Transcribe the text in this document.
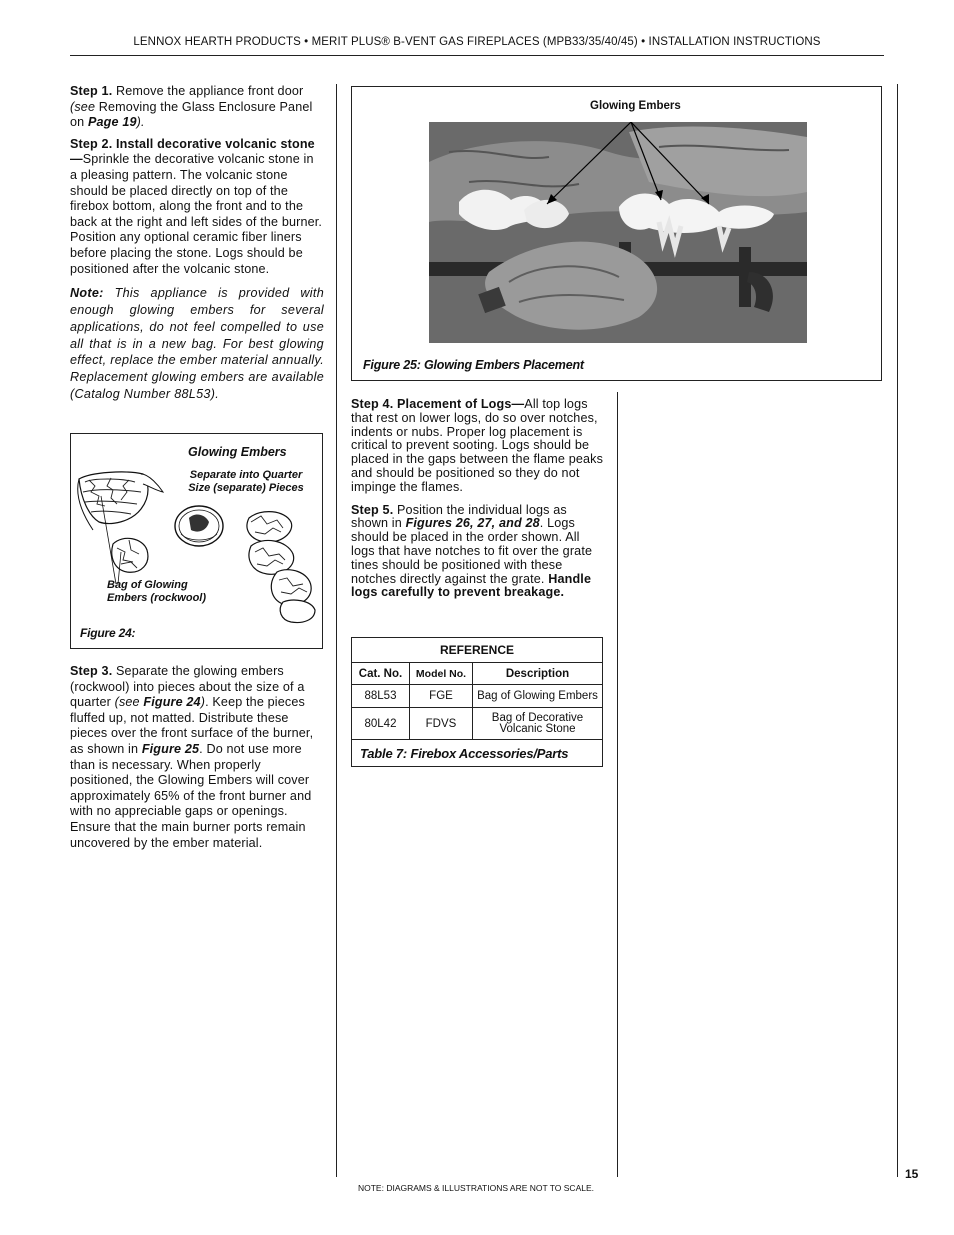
LENNOX HEARTH PRODUCTS • MERIT PLUS® B-VENT GAS FIREPLACES (MPB33/35/40/45) • INSTALLATION INSTRUCTIONS

Step 1. Remove the appliance front door (see Removing the Glass Enclosure Panel on Page 19).

Step 2. Install decorative volcanic stone—Sprinkle the decorative volcanic stone in a pleasing pattern. The volcanic stone should be placed directly on top of the firebox bottom, along the front and to the back at the right and left sides of the burner. Position any optional ceramic fiber liners before placing the stone. Logs should be positioned after the volcanic stone.

Note: This appliance is provided with enough glowing embers for several applications, do not feel compelled to use all that is in a new bag. For best glowing effect, replace the ember material annually. Replacement glowing embers are available (Catalog Number 88L53).

Glowing Embers
Separate into Quarter Size (separate) Pieces
Bag of Glowing Embers (rockwool)
Figure 24:

Step 3. Separate the glowing embers (rockwool) into pieces about the size of a quarter (see Figure 24). Keep the pieces fluffed up, not matted. Distribute these pieces over the front surface of the burner, as shown in Figure 25. Do not use more than is necessary. When properly positioned, the Glowing Embers will cover approximately 65% of the front burner and with no appreciable gaps or openings. Ensure that the main burner ports remain uncovered by the ember material.

Glowing Embers
Figure 25: Glowing Embers Placement

Step 4. Placement of Logs—All top logs that rest on lower logs, do so over notches, indents or nubs. Proper log placement is critical to prevent sooting. Logs should be placed in the gaps between the flame peaks and should be positioned so they do not impinge the flames.

Step 5. Position the individual logs as shown in Figures 26, 27, and 28. Logs should be placed in the order shown. All logs that have notches to fit over the grate tines should be positioned with these notches directly against the grate. Handle logs carefully to prevent breakage.

REFERENCE		
Cat. No.	Model No.	Description
88L53	FGE	Bag of Glowing Embers
80L42	FDVS	Bag of Decorative Volcanic Stone
Table 7: Firebox Accessories/Parts		
NOTE: DIAGRAMS & ILLUSTRATIONS ARE NOT TO SCALE.
15
